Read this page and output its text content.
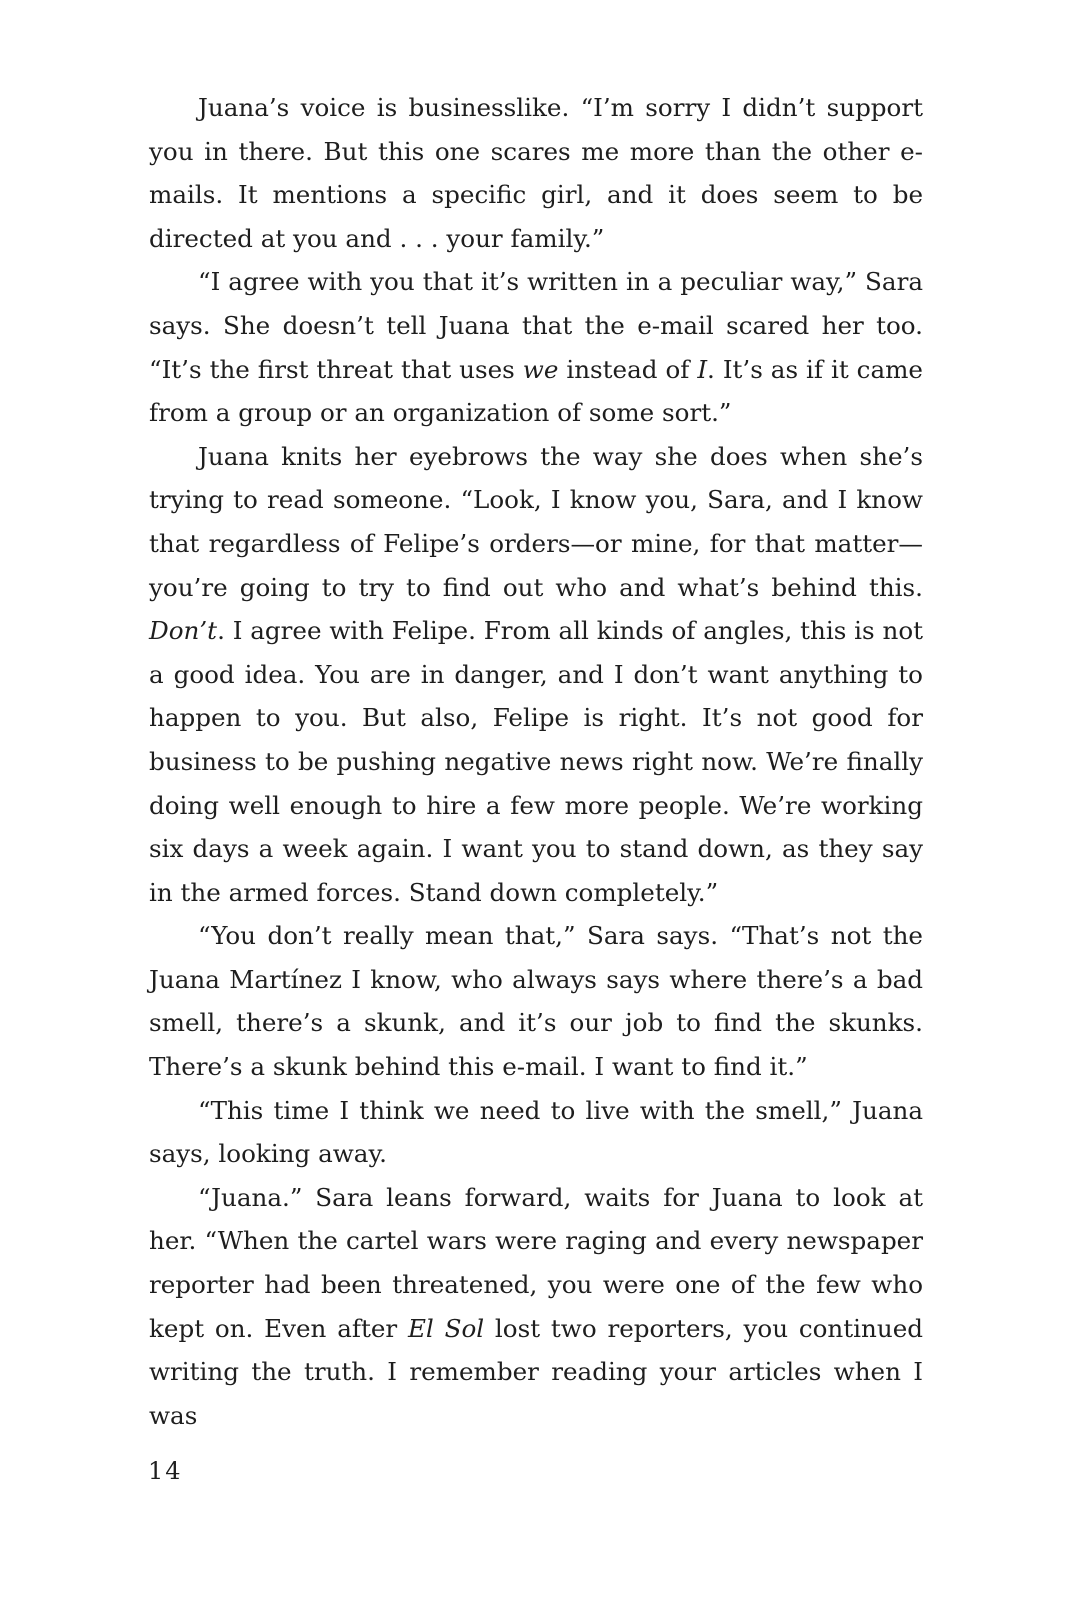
Juana’s voice is businesslike. “I’m sorry I didn’t support you in there. But this one scares me more than the other e-mails. It mentions a specific girl, and it does seem to be directed at you and . . . your family.”

“I agree with you that it’s written in a peculiar way,” Sara says. She doesn’t tell Juana that the e-mail scared her too. “It’s the first threat that uses we instead of I. It’s as if it came from a group or an organization of some sort.”

Juana knits her eyebrows the way she does when she’s trying to read someone. “Look, I know you, Sara, and I know that regardless of Felipe’s orders—or mine, for that matter—you’re going to try to find out who and what’s behind this. Don’t. I agree with Felipe. From all kinds of angles, this is not a good idea. You are in danger, and I don’t want anything to happen to you. But also, Felipe is right. It’s not good for business to be pushing negative news right now. We’re finally doing well enough to hire a few more people. We’re working six days a week again. I want you to stand down, as they say in the armed forces. Stand down completely.”

“You don’t really mean that,” Sara says. “That’s not the Juana Martínez I know, who always says where there’s a bad smell, there’s a skunk, and it’s our job to find the skunks. There’s a skunk behind this e-mail. I want to find it.”

“This time I think we need to live with the smell,” Juana says, looking away.

“Juana.” Sara leans forward, waits for Juana to look at her. “When the cartel wars were raging and every newspaper reporter had been threatened, you were one of the few who kept on. Even after El Sol lost two reporters, you continued writing the truth. I remember reading your articles when I was

14
